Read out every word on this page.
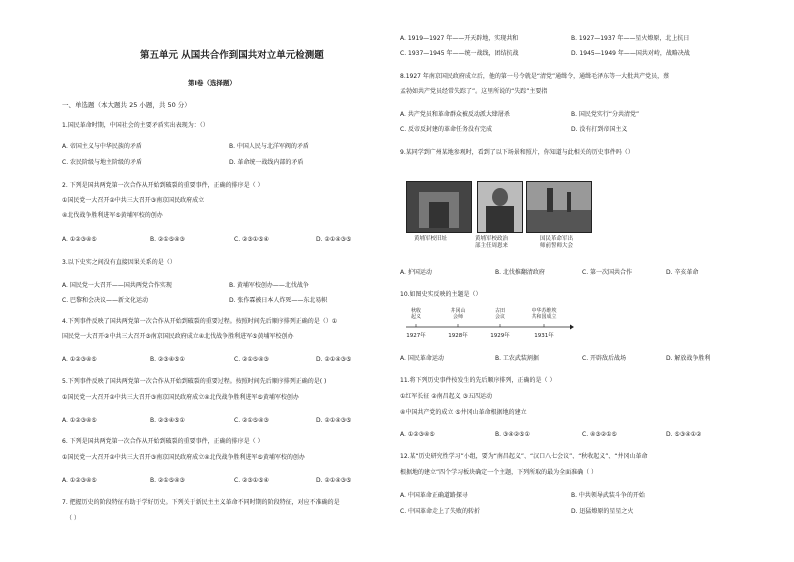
第五单元 从国共合作到国共对立单元检测题
第Ⅰ卷（选择题）
一、单选题（本大题共 25 小题，共 50 分）
1.国民革命时期，中国社会的主要矛盾实出表现为：（）
A. 帝国主义与中华民族的矛盾	B. 中国人民与北洋军阀的矛盾
C. 农民阶级与地主阶级的矛盾	D. 革命统一战线内部的矛盾
2. 下列是国共两党第一次合作从开始到破裂的重要事件，正确的排序是（ ）
①国民党一大召开②中共三大召开③南京国民政府成立
④北伐战争胜利进军⑤黄埔军校的创办
A. ①②③④⑤	B. ②①⑤④③	C. ②③①⑤④	D. ②①④③⑤
3.以下史实之间没有直接因果关系的是（）
A. 国民党一大召开——国共两党合作实现	B. 黄埔军校创办——北伐战争
C. 巴黎和会决议——新文化运动	D. 张作霖被日本人炸死——东北易帜
4.下列事件反映了国共两党第一次合作从开始到破裂的重要过程。按照时间先后顺序排列正确的是（）①
国民党一大召开②中共三大召开③南京国民政府成立④北伐战争胜利进军⑤黄埔军校创办
A. ①②③④⑤	B. ②③④⑤①	C. ②①⑤④③	D. ②①④③⑤
5.下列事件反映了国共两党第一次合作从开始到破裂的重要过程。按照时间先后顺序排列正确的是( )
①国民党一大召开②中共三大召开③南京国民政府成立④北伐战争胜利进军⑤黄埔军校创办
A. ①②③④⑤	B. ②③④⑤①	C. ②①⑤④③	D. ②①④③⑤
6. 下列是国共两党第一次合作从开始到破裂的重要事件，正确的排序是（ ）
①国民党一大召开②中共三大召开③南京国民政府成立④北伐战争胜利进军⑤黄埔军校的创办
A. ①②③④⑤	B. ②①⑤④③	C. ②③①⑤④	D. ②①④③⑤
7. 把握历史的阶段特征有助于学好历史。下列关于新民主主义革命不同时期的阶段特征，对应不准确的是
（ ）
A. 1919—1927 年——开天辟地，实现共和	B. 1927—1937 年——星火燎原，北上抗日
C. 1937—1945 年——统一战线，团结抗战	D. 1945—1949 年——国共对峙，战略决战
8.1927 年南京国民政府成立后，他的第一号令就是“清党”通缉令，通缉毛泽东等一大批共产党员，蔡
孟勃如共产党员经常失踪了”。这里所说的“失踪”主要指
A. 共产党员和革命群众被反动派大肆屠杀	B. 国民党实行“分共清党”
C. 反帝反封建的革命任务没有完成	D. 没有打到帝国主义
9.某同学到广州某地参观时，看到了以下场景和照片，你知道与此相关的历史事件吗（）
黄埔军校旧址	黄埔军校政治
部主任周恩来
国民革命军出
师前誓师大会
A. 护国运动	B. 北伐推翻清政府	C. 第一次国共合作	D. 辛亥革命
10.如图史实反映的主题是（）
秋收起义
井冈山会师
古田会议
中华苏维埃共和国成立
1927年	1928年	1929年	1931年
A. 国民革命运动	B. 工农武装割据	C. 开辟敌后战场	D. 解放战争胜利
11.将下列历史事件按发生的先后顺序排列，正确的是（ ）
①红军长征 ②南昌起义 ③五四运动
④中国共产党的成立 ⑤井冈山革命根据地的建立
A. ①②③④⑤	B. ③④②⑤①	C. ④③②①⑤	D. ⑤③④①②
12.某“历史研究性学习”小组，要为“南昌起义”、“汉口八七会议”、“秋收起义”、“井冈山革命
根据地的建立”四个学习板块确定一个主题，下列所取的最为全面准确（ ）
A. 中国革命正确道路探寻	B. 中共领导武装斗争的开始
C. 中国革命走上了失败的转折	D. 迅猛燎原的星星之火
